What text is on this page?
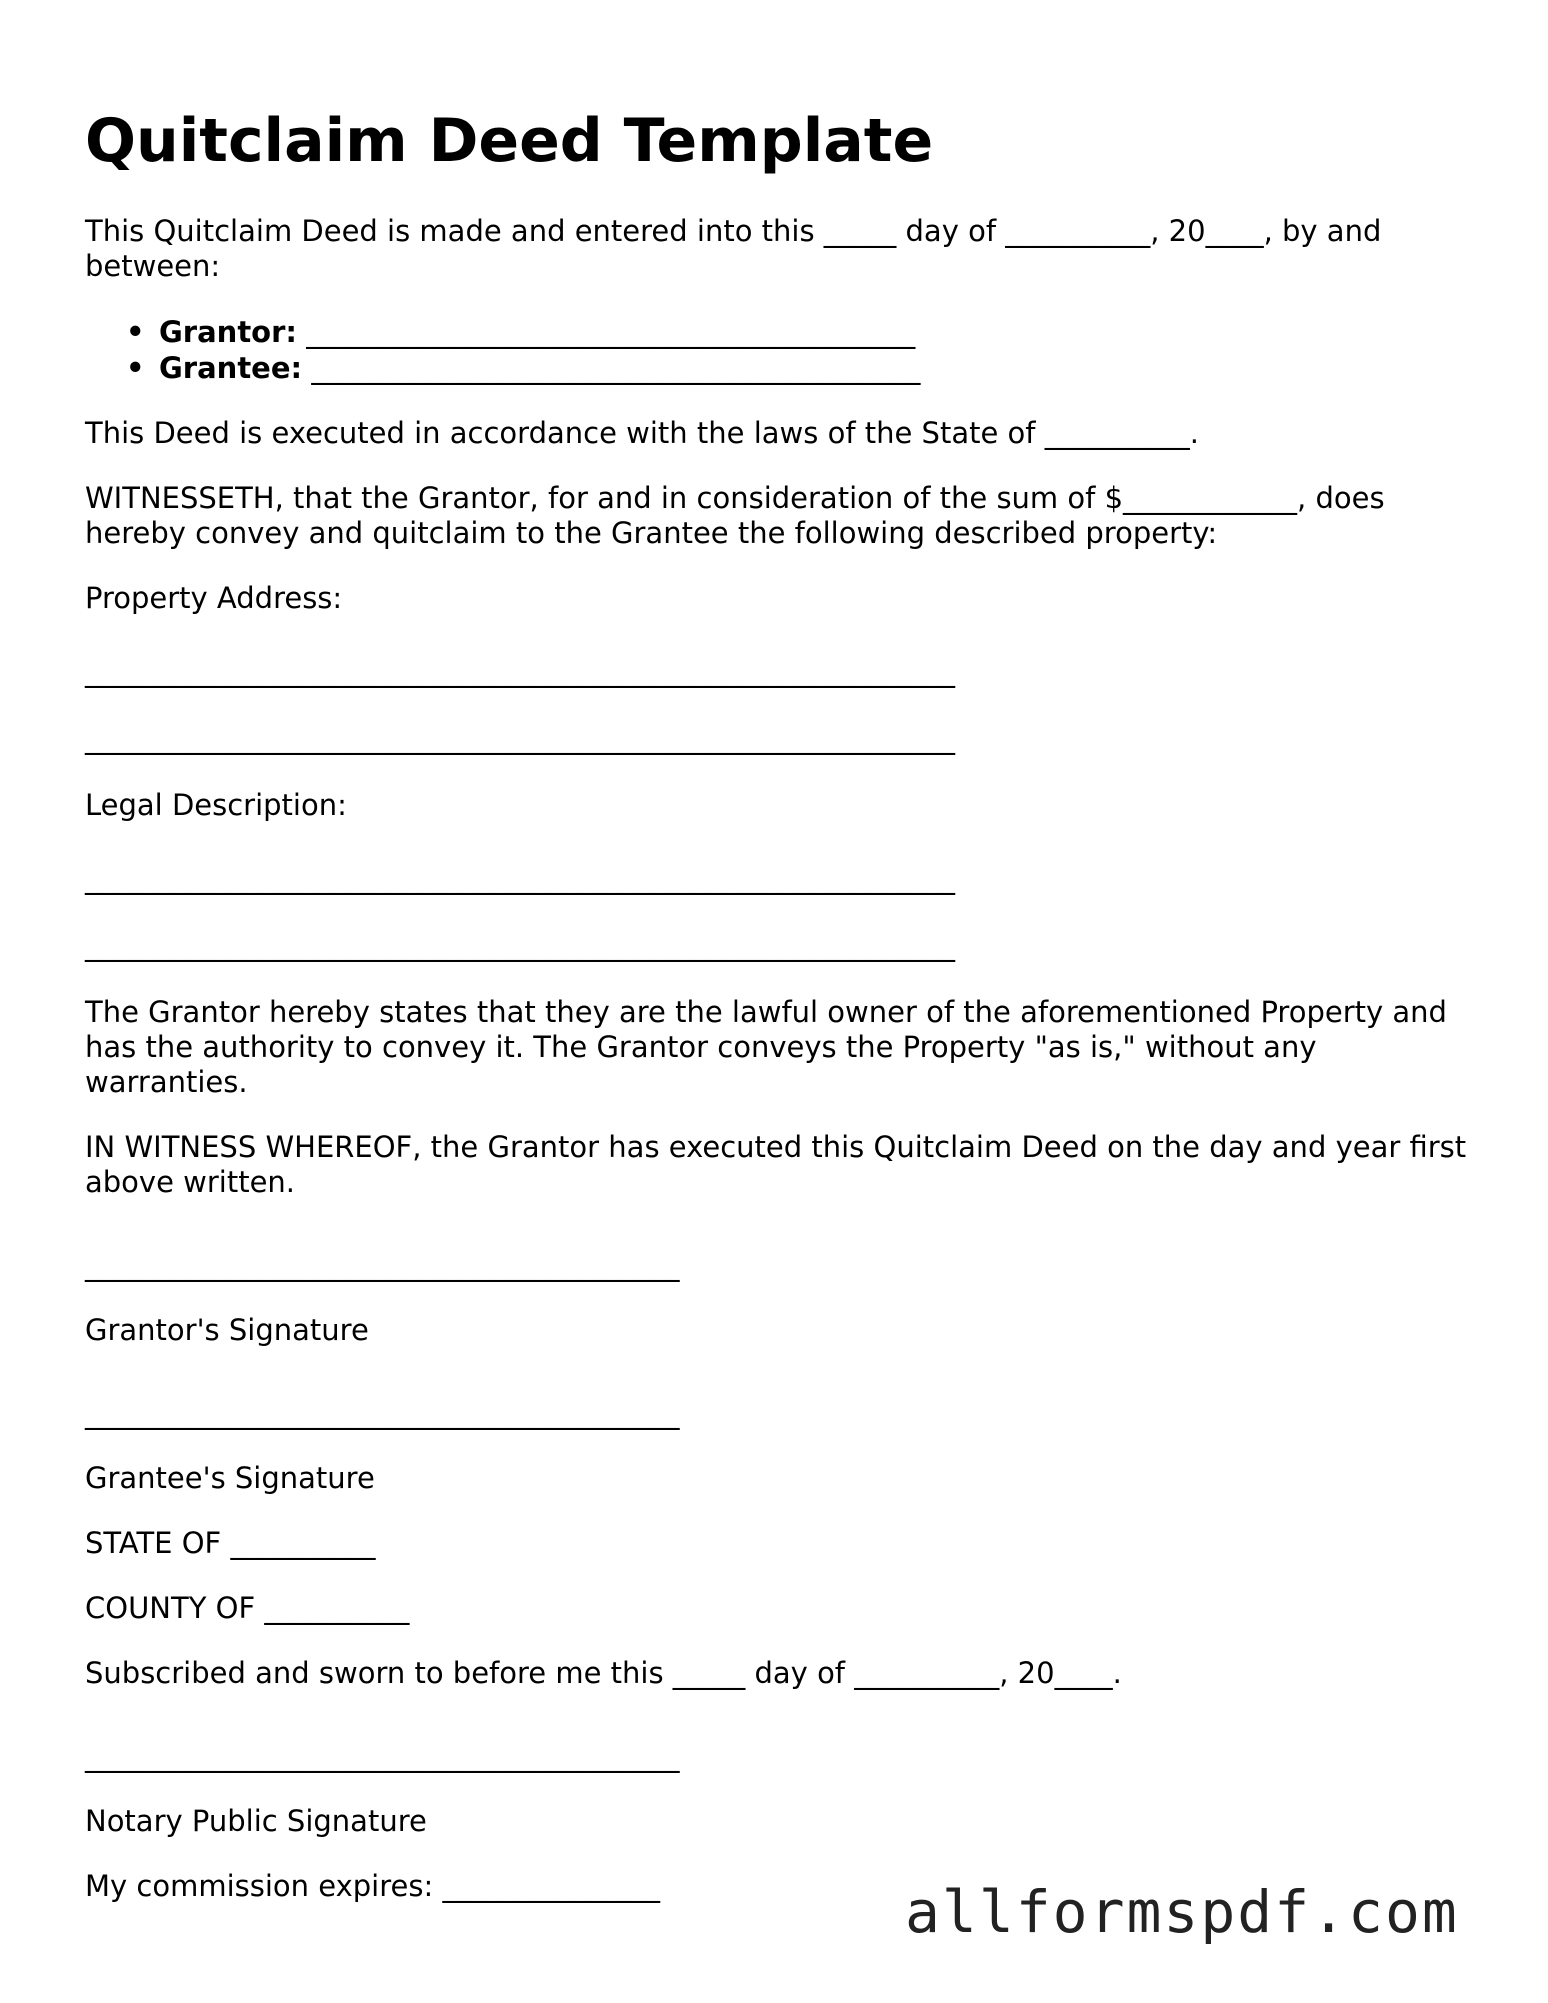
Quitclaim Deed Template

This Quitclaim Deed is made and entered into this _____ day of __________, 20____, by and between:

• Grantor: __________________________________________
• Grantee: __________________________________________

This Deed is executed in accordance with the laws of the State of __________.

WITNESSETH, that the Grantor, for and in consideration of the sum of $____________, does hereby convey and quitclaim to the Grantee the following described property:

Property Address:

____________________________________________________________
____________________________________________________________

Legal Description:

____________________________________________________________
____________________________________________________________

The Grantor hereby states that they are the lawful owner of the aforementioned Property and has the authority to convey it. The Grantor conveys the Property "as is," without any warranties.

IN WITNESS WHEREOF, the Grantor has executed this Quitclaim Deed on the day and year first above written.

_________________________________________

Grantor's Signature

_________________________________________

Grantee's Signature

STATE OF __________

COUNTY OF __________

Subscribed and sworn to before me this _____ day of __________, 20____.

_________________________________________

Notary Public Signature

My commission expires: _______________	allformspdf.com
